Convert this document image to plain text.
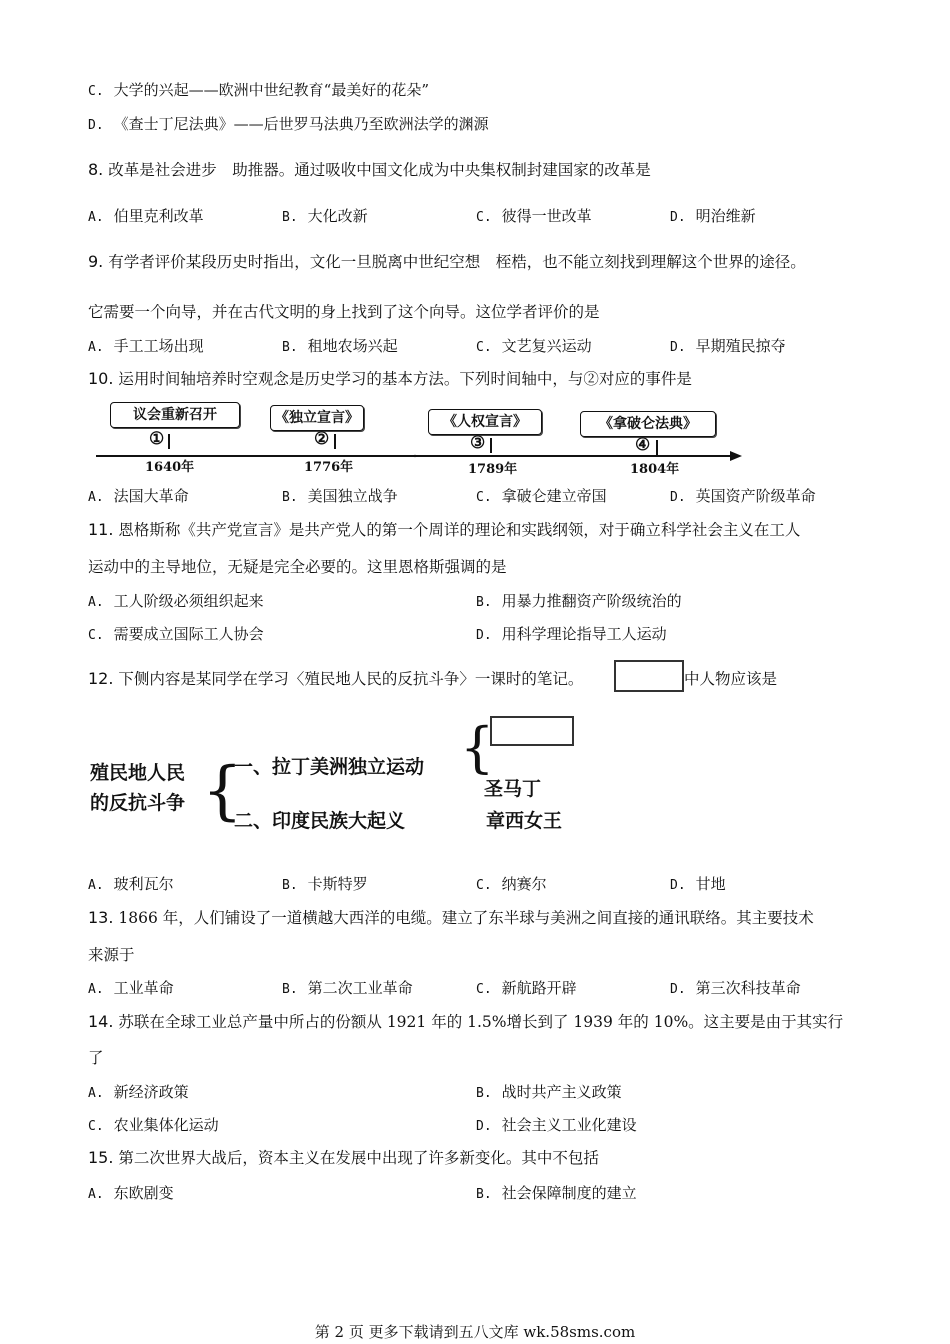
C. 大学的兴起——欧洲中世纪教育“最美好的花朵”
D. 《查士丁尼法典》——后世罗马法典乃至欧洲法学的渊源
8. 改革是社会进步　助推器。通过吸收中国文化成为中央集权制封建国家的改革是
A. 伯里克利改革	B. 大化改新	C. 彼得一世改革	D. 明治维新
9. 有学者评价某段历史时指出，文化一旦脱离中世纪空想　桎梏，也不能立刻找到理解这个世界的途径。
它需要一个向导，并在古代文明的身上找到了这个向导。这位学者评价的是
A. 手工工场出现	B. 租地农场兴起	C. 文艺复兴运动	D. 早期殖民掠夺
10. 运用时间轴培养时空观念是历史学习的基本方法。下列时间轴中，与②对应的事件是
议会重新召开
①
1640年
《独立宣言》
②
1776年
《人权宣言》
③
1789年
《拿破仑法典》
④
1804年
A. 法国大革命	B. 美国独立战争	C. 拿破仑建立帝国	D. 英国资产阶级革命
11. 恩格斯称《共产党宣言》是共产党人的第一个周详的理论和实践纲领，对于确立科学社会主义在工人
运动中的主导地位，无疑是完全必要的。这里恩格斯强调的是
A. 工人阶级必须组织起来	B. 用暴力推翻资产阶级统治的
C. 需要成立国际工人协会	D. 用科学理论指导工人运动
12. 下侧内容是某同学在学习〈殖民地人民的反抗斗争〉一课时的笔记。	中人物应该是
殖民地人民
的反抗斗争 {
一、拉丁美洲独立运动
二、印度民族大起义
{
圣马丁
章西女王
A. 玻利瓦尔	B. 卡斯特罗	C. 纳赛尔	D. 甘地
13. 1866 年，人们铺设了一道横越大西洋的电缆。建立了东半球与美洲之间直接的通讯联络。其主要技术
来源于
A. 工业革命	B. 第二次工业革命	C. 新航路开辟	D. 第三次科技革命
14. 苏联在全球工业总产量中所占的份额从 1921 年的 1.5%增长到了 1939 年的 10%。这主要是由于其实行
了
A. 新经济政策	B. 战时共产主义政策
C. 农业集体化运动	D. 社会主义工业化建设
15. 第二次世界大战后，资本主义在发展中出现了许多新变化。其中不包括
A. 东欧剧变	B. 社会保障制度的建立
第 2 页 更多下载请到五八文库 wk.58sms.com
